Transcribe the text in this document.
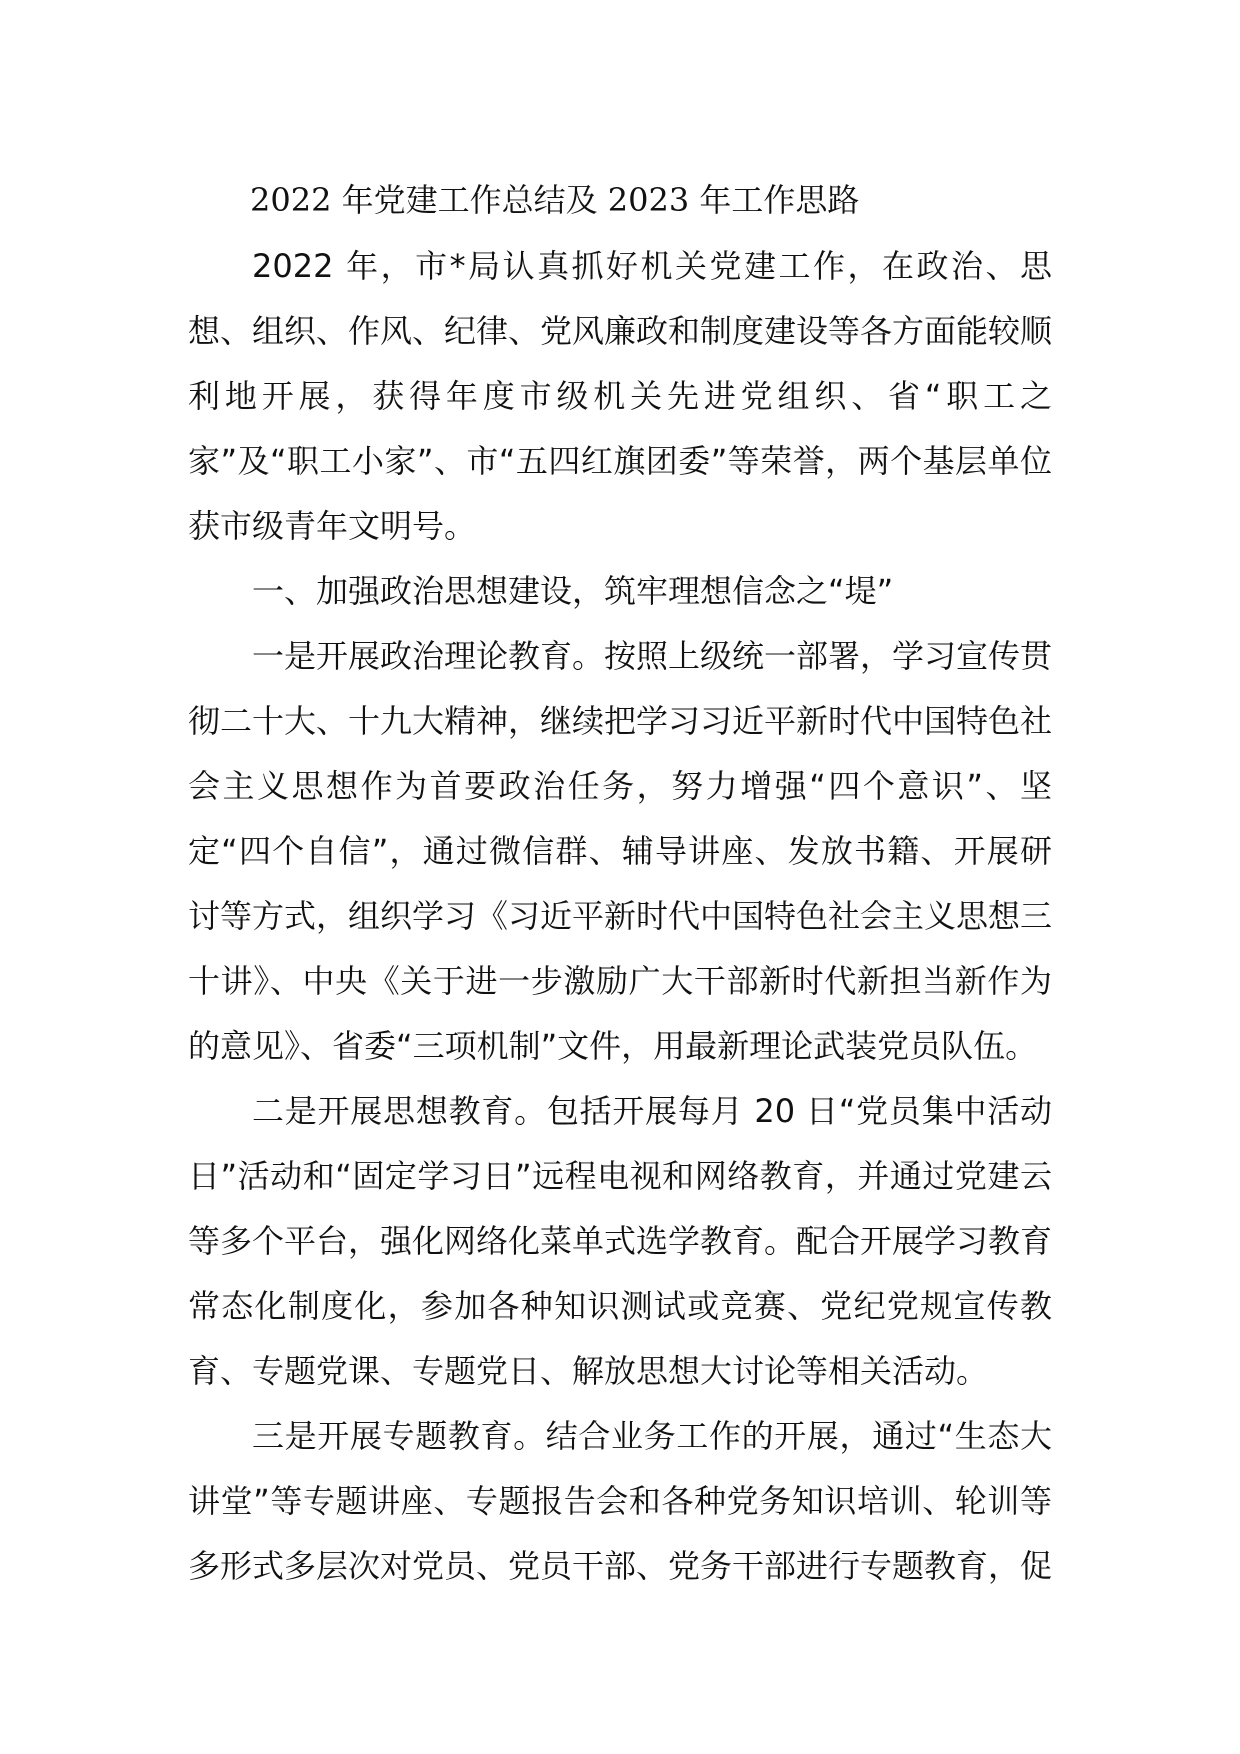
2022 年党建工作总结及 2023 年工作思路

2022 年，市*局认真抓好机关党建工作，在政治、思想、组织、作风、纪律、党风廉政和制度建设等各方面能较顺利地开展，获得年度市级机关先进党组织、省“职工之家”及“职工小家”、市“五四红旗团委”等荣誉，两个基层单位获市级青年文明号。

一、加强政治思想建设，筑牢理想信念之“堤”

一是开展政治理论教育。按照上级统一部署，学习宣传贯彻二十大、十九大精神，继续把学习习近平新时代中国特色社会主义思想作为首要政治任务，努力增强“四个意识”、坚定“四个自信”，通过微信群、辅导讲座、发放书籍、开展研讨等方式，组织学习《习近平新时代中国特色社会主义思想三十讲》、中央《关于进一步激励广大干部新时代新担当新作为的意见》、省委“三项机制”文件，用最新理论武装党员队伍。

二是开展思想教育。包括开展每月 20 日“党员集中活动日”活动和“固定学习日”远程电视和网络教育，并通过党建云等多个平台，强化网络化菜单式选学教育。配合开展学习教育常态化制度化，参加各种知识测试或竞赛、党纪党规宣传教育、专题党课、专题党日、解放思想大讨论等相关活动。

三是开展专题教育。结合业务工作的开展，通过“生态大讲堂”等专题讲座、专题报告会和各种党务知识培训、轮训等多形式多层次对党员、党员干部、党务干部进行专题教育，促
